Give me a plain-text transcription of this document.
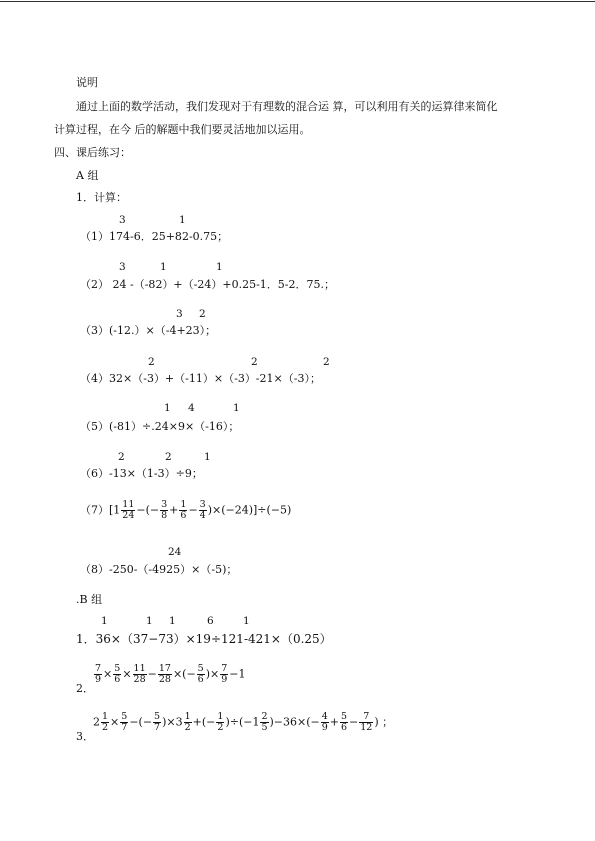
说明
通过上面的数学活动，我们发现对于有理数的混合运 算，可以利用有关的运算律来简化
计算过程，在今 后的解题中我们要灵活地加以运用。
四、课后练习：
A 组
1．计算：
3	1
（1）174-6．25+82-0.75；
3	1	1
（2） 24 -（-82）+（-24）+0.25-1．5-2．75.；
3 2
（3）(-12.）×（-4+23）；
2	2	2
（4）32×（-3）+（-11）×（-3）-21×（-3）；
1 4	1
（5）(-81）÷.24×9×（-16）；
2	2	1
（6）-13×（1-3）÷9；
$(7)[1 \frac{11}{24}$ −(− $\frac{3}{8} + \frac{1}{6} - \frac{3}{4} )\times(-24)]\div(-5)$
24
（8）-250-（-4925）×（-5)；
.B 组
1	1 1	6	1
1．36×（37−73）×19÷121-421×（0.25）
2．
$\frac{7}{9} \times \frac{5}{6} \times \frac{11}{28} - \frac{17}{28}$ ×(− $\frac{5}{6}$ )× $\frac{7}{9} -1$
3．
$2 \frac{1}{2} \times \frac{5}{7}$ −(− $\frac{5}{7} )\times 3 \frac{1}{2}$ +(− $\frac{1}{2} )\div(-1 \frac{2}{5} )-36\times(- \frac{4}{9} + \frac{5}{6} - \frac{7}{12}$ ) ；
